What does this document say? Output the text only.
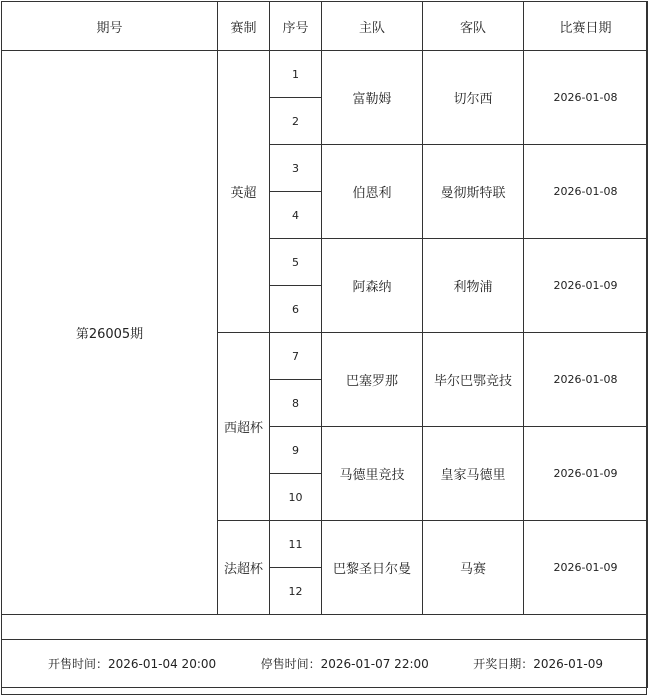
期号	赛制	序号	主队	客队	比赛日期
第26005期	英超	1	富勒姆	切尔西	2026-01-08
		2			
		3	伯恩利	曼彻斯特联	2026-01-08
		4			
		5	阿森纳	利物浦	2026-01-09
		6			
	西超杯	7	巴塞罗那	毕尔巴鄂竞技	2026-01-08
		8			
		9	马德里竞技	皇家马德里	2026-01-09
		10			
	法超杯	11	巴黎圣日尔曼	马赛	2026-01-09
		12			

开售时间：2026-01-04 20:00 停售时间：2026-01-07 22:00 开奖日期：2026-01-09					
